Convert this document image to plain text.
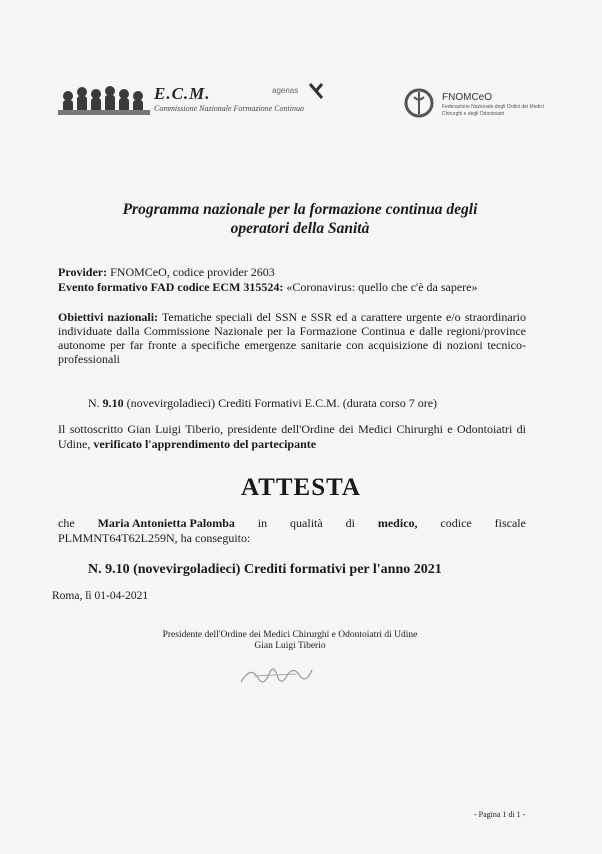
E.C.M.
Commissione Nazionale Formazione Continua
agenas
FNOMCeO
Federazione Nazionale degli Ordini dei Medici Chirurghi e degli Odontoiatri
Programma nazionale per la formazione continua degli
operatori della Sanità
Provider: FNOMCeO, codice provider 2603
Evento formativo FAD codice ECM 315524: «Coronavirus: quello che c'è da sapere»
Obiettivi nazionali: Tematiche speciali del SSN e SSR ed a carattere urgente e/o straordinario individuate dalla Commissione Nazionale per la Formazione Continua e dalle regioni/province autonome per far fronte a specifiche emergenze sanitarie con acquisizione di nozioni tecnico-professionali
N. 9.10 (novevirgoladieci) Crediti Formativi E.C.M. (durata corso 7 ore)
Il sottoscritto Gian Luigi Tiberio, presidente dell'Ordine dei Medici Chirurghi e Odontoiatri di Udine, verificato l'apprendimento del partecipante
ATTESTA
che Maria Antonietta Palomba in qualità di medico, codice fiscale
PLMMNT64T62L259N, ha conseguito:
N. 9.10 (novevirgoladieci) Crediti formativi per l'anno 2021
Roma, lì 01-04-2021
Presidente dell'Ordine dei Medici Chirurghi e Odontoiatri di Udine
Gian Luigi Tiberio
- Pagina 1 di 1 -
